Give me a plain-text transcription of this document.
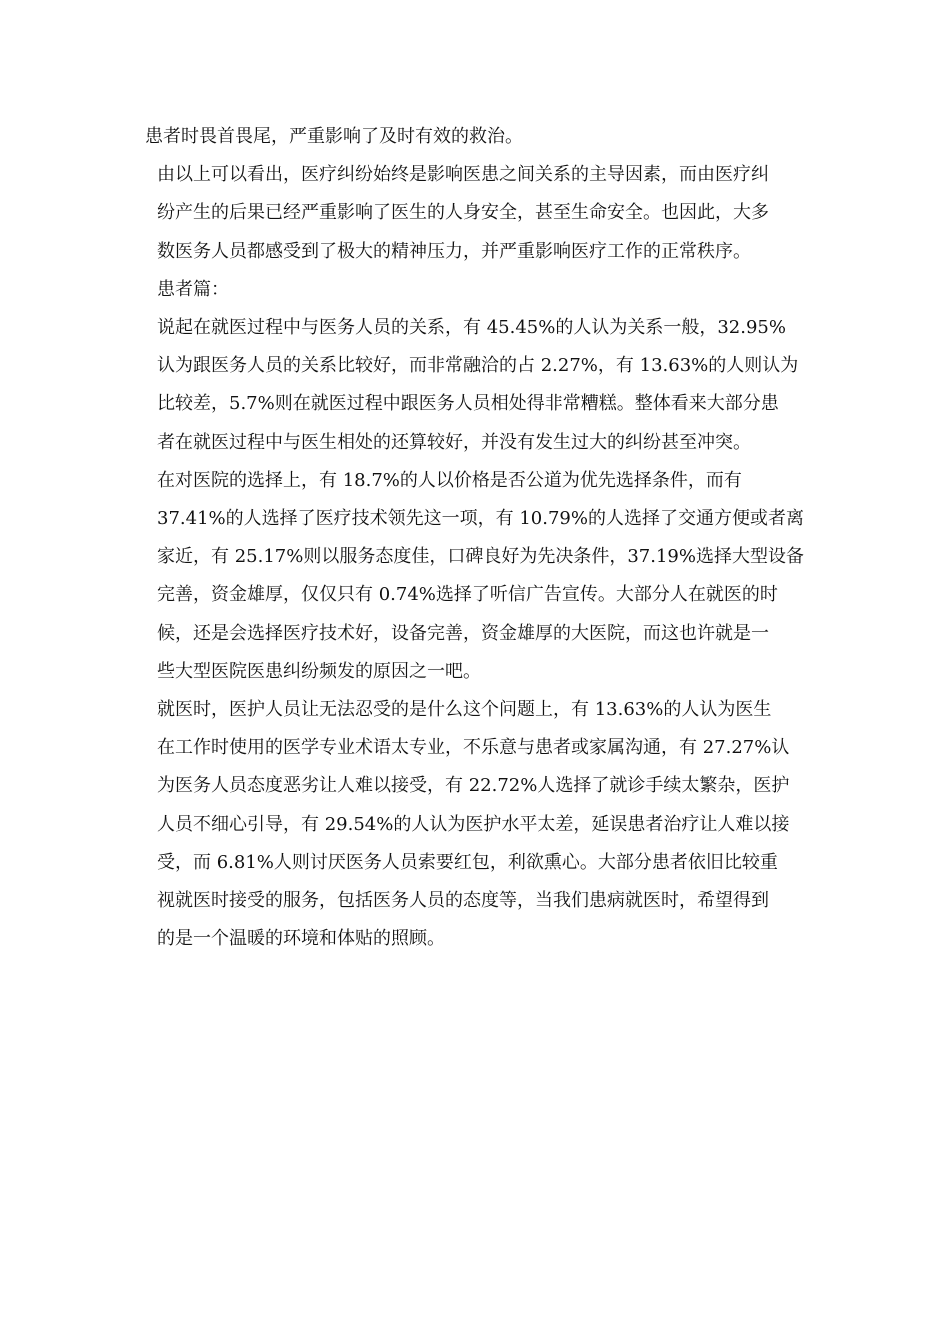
患者时畏首畏尾，严重影响了及时有效的救治。

由以上可以看出，医疗纠纷始终是影响医患之间关系的主导因素，而由医疗纠
纷产生的后果已经严重影响了医生的人身安全，甚至生命安全。也因此，大多
数医务人员都感受到了极大的精神压力，并严重影响医疗工作的正常秩序。

患者篇：

说起在就医过程中与医务人员的关系，有 45.45%的人认为关系一般，32.95%
认为跟医务人员的关系比较好，而非常融洽的占 2.27%，有 13.63%的人则认为
比较差，5.7%则在就医过程中跟医务人员相处得非常糟糕。整体看来大部分患
者在就医过程中与医生相处的还算较好，并没有发生过大的纠纷甚至冲突。

在对医院的选择上，有 18.7%的人以价格是否公道为优先选择条件，而有
37.41%的人选择了医疗技术领先这一项，有 10.79%的人选择了交通方便或者离
家近，有 25.17%则以服务态度佳，口碑良好为先决条件，37.19%选择大型设备
完善，资金雄厚，仅仅只有 0.74%选择了听信广告宣传。大部分人在就医的时
候，还是会选择医疗技术好，设备完善，资金雄厚的大医院，而这也许就是一
些大型医院医患纠纷频发的原因之一吧。

就医时，医护人员让无法忍受的是什么这个问题上，有 13.63%的人认为医生
在工作时使用的医学专业术语太专业，不乐意与患者或家属沟通，有 27.27%认
为医务人员态度恶劣让人难以接受，有 22.72%人选择了就诊手续太繁杂，医护
人员不细心引导，有 29.54%的人认为医护水平太差，延误患者治疗让人难以接
受，而 6.81%人则讨厌医务人员索要红包，利欲熏心。大部分患者依旧比较重
视就医时接受的服务，包括医务人员的态度等，当我们患病就医时，希望得到
的是一个温暖的环境和体贴的照顾。
